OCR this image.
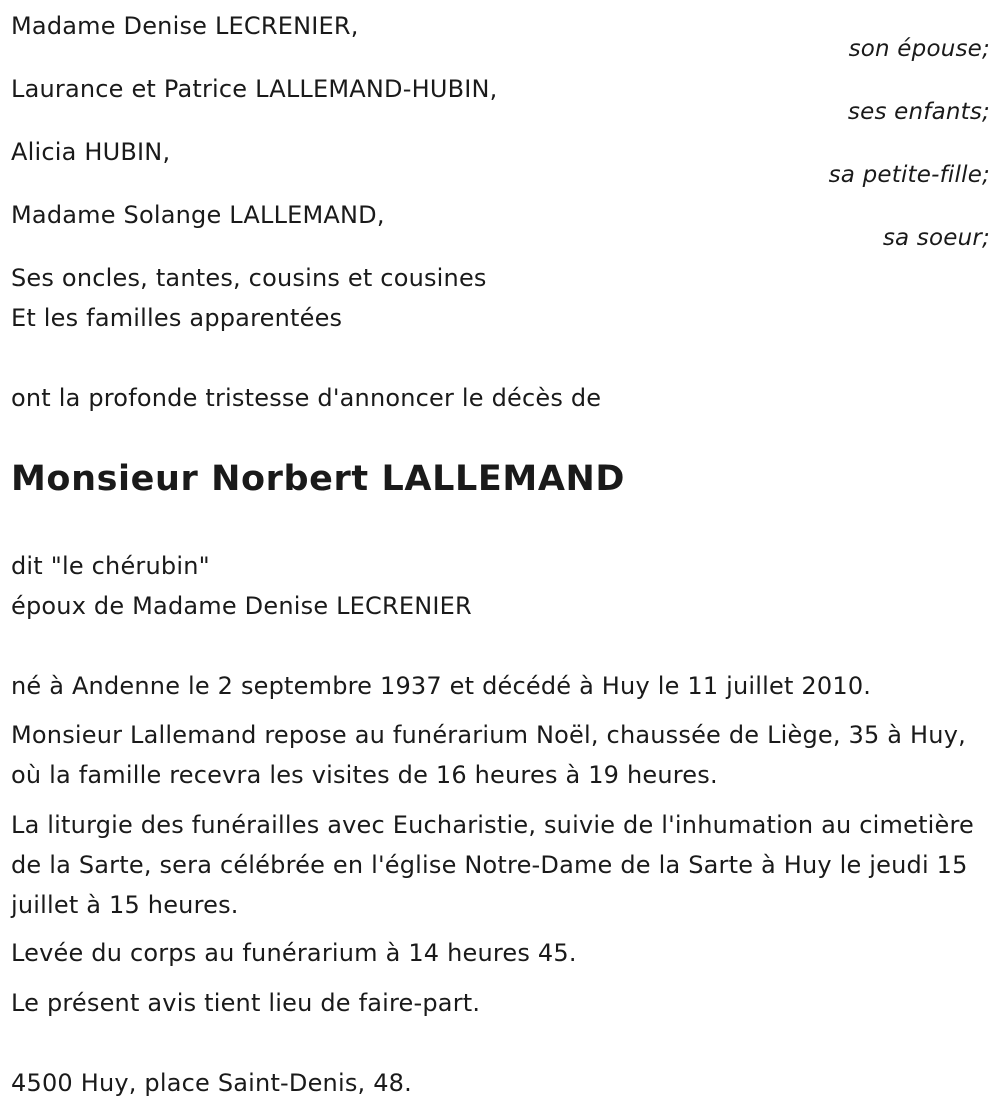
Madame Denise LECRENIER,
son épouse;
Laurance et Patrice LALLEMAND-HUBIN,
ses enfants;
Alicia HUBIN,
sa petite-fille;
Madame Solange LALLEMAND,
sa soeur;
Ses oncles, tantes, cousins et cousines
Et les familles apparentées
ont la profonde tristesse d'annoncer le décès de
Monsieur Norbert LALLEMAND
dit "le chérubin"
époux de Madame Denise LECRENIER
né à Andenne le 2 septembre 1937 et décédé à Huy le 11 juillet 2010.
Monsieur Lallemand repose au funérarium Noël, chaussée de Liège, 35 à Huy, où la famille recevra les visites de 16 heures à 19 heures.
La liturgie des funérailles avec Eucharistie, suivie de l'inhumation au cimetière de la Sarte, sera célébrée en l'église Notre-Dame de la Sarte à Huy le jeudi 15 juillet à 15 heures.
Levée du corps au funérarium à 14 heures 45.
Le présent avis tient lieu de faire-part.
4500 Huy, place Saint-Denis, 48.
